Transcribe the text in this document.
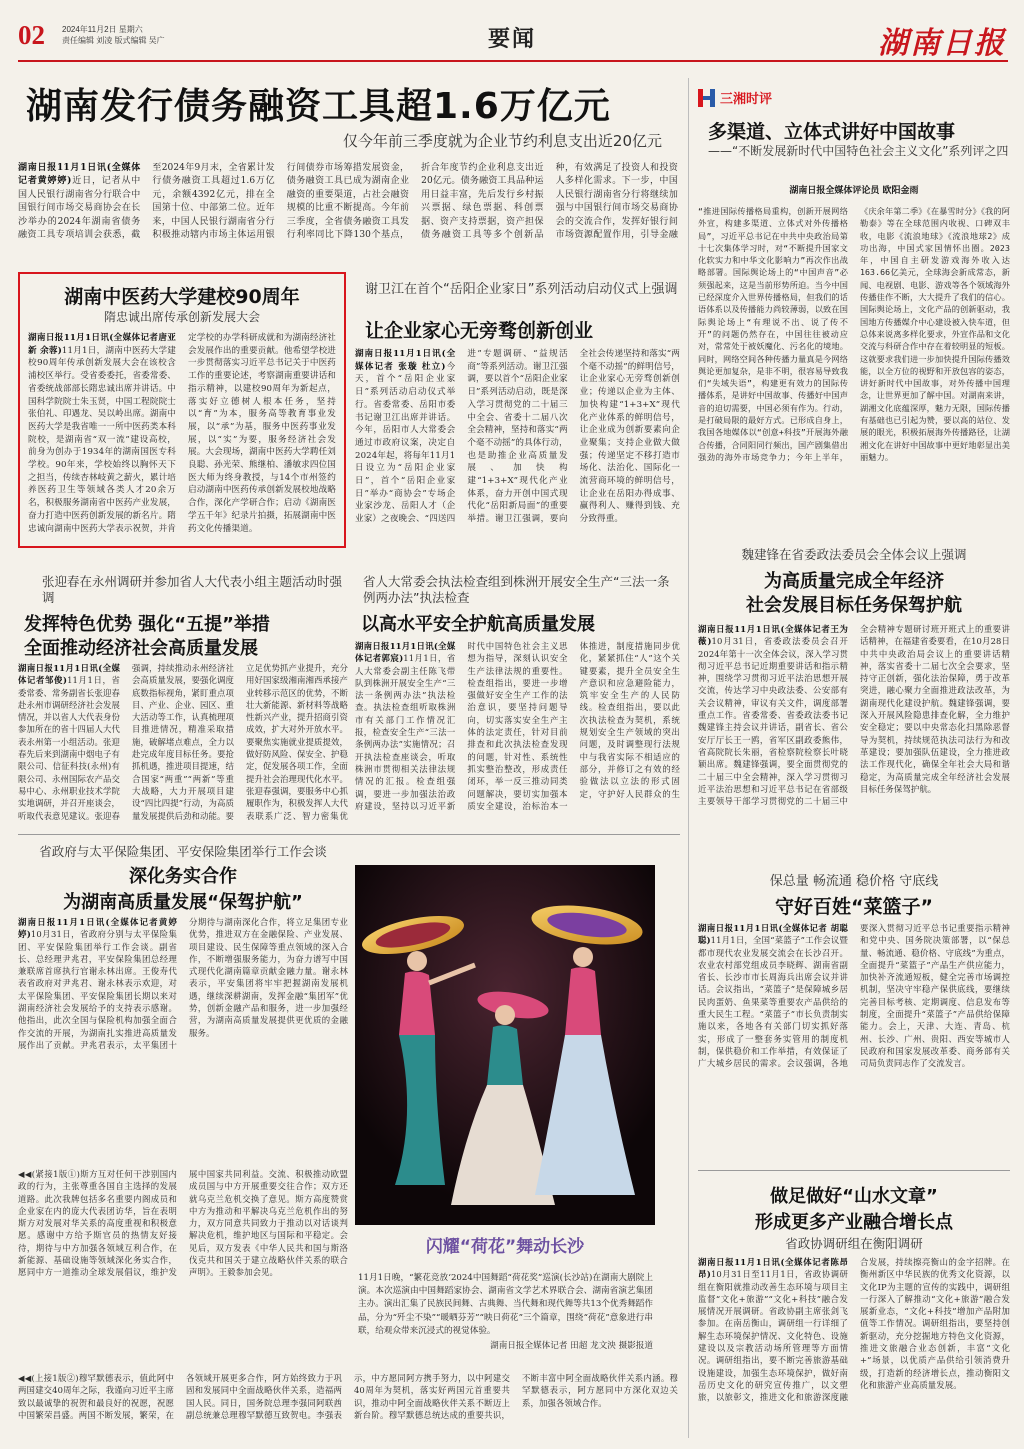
02 2024年11月2日 星期六
责任编辑 刘凌 版式编辑 吴广	要闻	湖南日报
湖南发行债务融资工具超1.6万亿元
仅今年前三季度就为企业节约利息支出近20亿元
湖南日报11月1日讯(全媒体记者黄婷婷)近日，记者从中国人民银行湖南省分行联合中国银行间市场交易商协会在长沙举办的2024年湖南省债务融资工具专项培训会获悉，截至2024年9月末，全省累计发行债务融资工具超过1.6万亿元，余额4392亿元，排在全国第十位、中部第二位。近年来，中国人民银行湖南省分行积极推动辖内市场主体运用银行间债券市场筹措发展资金，债务融资工具已成为湖南企业融资的重要渠道，占社会融资规模的比重不断提高。今年前三季度，全省债务融资工具发行利率同比下降130个基点，折合年度节约企业利息支出近20亿元。债务融资工具品种运用日益丰富，先后发行乡村振兴票据、绿色票据、科创票据、资产支持票据，资产担保债务融资工具等多个创新品种，有效满足了投资人和投资人多样化需求。下一步，中国人民银行湖南省分行将继续加强与中国银行间市场交易商协会的交流合作，发挥好银行间市场资源配置作用，引导金融
湖南中医药大学建校90周年
隋忠诚出席传承创新发展大会
湖南日报11月1日讯(全媒体记者唐亚新 余蓉)11月1日，湖南中医药大学建校90周年传承创新发展大会在该校含浦校区举行。受省委委托，省委常委、省委统战部部长隋忠诚出席并讲话。中国科学院院士朱玉贤，中国工程院院士张伯礼、印遇龙、吴以岭出席。湖南中医药大学是我省唯一一所中医药类本科院校，是湖南省“双一流”建设高校，前身为创办于1934年的湖南国医专科学校。90年来，学校始终以胸怀天下之担当，传续杏林岐黄之薪火，累计培养医药卫生等领域各类人才20余万名，积极服务湖南省中医药产业发展，奋力打造中医药创新发展的新名片。隋忠诚向湖南中医药大学表示祝贺，并肯定学校的办学科研成就和为湖南经济社会发展作出的重要贡献。他希望学校进一步贯彻落实习近平总书记关于中医药工作的重要论述，考察湖南重要讲话和指示精神，以建校90周年为新起点，落实好立德树人根本任务，坚持以“育”为本，服务高等教育事业发展，以“承”为基，服务中医药事业发展，以“实”为要，服务经济社会发展。大会现场，湖南中医药大学聘任刘良聪、孙光荣、熊继柏、潘敏求四位国医大师为终身教授，与14个市州签约启动湖南中医药传承创新发展校地战略合作，深化产学研合作；启动《湖南医学五千年》纪录片拍摄，拓展湖南中医药文化传播渠道。
谢卫江在首个“岳阳企业家日”系列活动启动仪式上强调
让企业家心无旁骛创新创业
湖南日报11月1日讯(全媒体记者 张璇 杜立)今天，首个“岳阳企业家日”系列活动启动仪式举行。省委常委、岳阳市委书记谢卫江出席并讲话。今年，岳阳市人大常委会通过市政府议案，决定自2024年起，将每年11月1日设立为“岳阳企业家日”，首个“岳阳企业家日”举办“商协会”专场企业家沙龙、岳阳人才（企业家）之夜晚会、“四送四进”专题调研、“益规活商”等系列活动。谢卫江强调，要以首个“岳阳企业家日”系列活动启动，既是深入学习贯彻党的二十届三中全会、省委十二届八次全会精神，坚持和落实“两个毫不动摇”的具体行动，也是助推企业高质量发展、加快构建“1+3+X”现代化产业体系，奋力开创中国式现代化“岳阳新局面”的重要举措。谢卫江强调，要向全社会传递坚持和落实“两个毫不动摇”的鲜明信号，让企业家心无旁骛创新创业；传递以企业为主体、加快构建“1+3+X”现代化产业体系的鲜明信号，让企业成为创新要素向企业聚集；支持企业做大做强；传递坚定不移打造市场化、法治化、国际化一流营商环境的鲜明信号，让企业在岳阳办得成事、赢得利人、赚得到钱、充分致得重。
三湘时评
多渠道、立体式讲好中国故事
——“不断发展新时代中国特色社会主义文化”系列评之四
湖南日报全媒体评论员 欧阳金雨
“推进国际传播格局重构，创新开展网络外宣，构建多渠道、立体式对外传播格局”，习近平总书记在中共中央政治局第十七次集体学习时，对“不断提升国家文化软实力和中华文化影响力”再次作出战略部署。国际舆论场上的“中国声音”必须强起来，这是当前形势所迫。当今中国已经深度介入世界传播格局，但我们的话语体系以及传播能力尚较薄弱，以致在国际舆论场上“有理说不出、说了传不开”的问题仍然存在，中国往往被动应对，常常处于被妖魔化、污名化的境地。同时，网络空间各种传播力量真是今网络舆论更加复杂，是非不明，很容易导致我们“失域失语”，构建更有效力的国际传播体系，是讲好中国故事、传播好中国声音的迫切需要，中国必须有作为。行动，是打破局限的最好方式。已形成自身上，我国各地媒体以“创意+科技”开展海外融合传播，合同阳同行频出，国产剧集借出强劲的海外市场竞争力；今年上半年，《庆余年第二季》《在暴雪时分》《我的阿勒泰》等在全球范围内收视、口碑双丰收，电影《流浪地球》《流浪地球2》成功出海，中国式家国情怀出圈。2023年，中国自主研发游戏海外收入达163.66亿美元，全球海会新成常态，新闻、电视剧、电影、游戏等各个领域海外传播佳作不断，大大提升了我们的信心。国际舆论场上，文化产品的创新驱动，我国地方传播媒介中心建设被入快车道，但总体来说离多样化要求，外宣作品和文化交流与科研合作中存在着较明显的短板。这就要求我们进一步加快提升国际传播效能，以全方位的视野和开放包容的姿态，讲好新时代中国故事，对外传播中国理念，让世界更加了解中国。对湖南来讲，湖湘文化底蕴深厚，魅力无限，国际传播有基础也已引起为赞，要以高的站位、发展的眼光，积极拓展海外传播路径，让湖湘文化在讲好中国故事中更好地彰显出美丽魅力。
张迎春在永州调研并参加省人大代表小组主题活动时强调
发挥特色优势 强化“五提”举措
全面推动经济社会高质量发展
湖南日报11月1日讯(全媒体记者邹俊)11月1日，省委常委、常务副省长张迎春赴永州市调研经济社会发展情况，并以省人大代表身份参加所在的省十四届人大代表永州第一小组活动。张迎春先后来到湖南中烟电子有限公司、信征科技(永州)有限公司、永州国际农产品交易中心、永州职业技术学院实地调研，并召开座谈会，听取代表意见建议。张迎春强调，持续推动永州经济社会高质量发展，要强化调度底数指标视角，紧盯重点项目、产业、企业、园区、重大活动等工作，认真梳理项目推进情况，精准采取措施，破解堵点难点，全力以赴完成年度目标任务。要抢抓机遇，推进项目提速，结合国家“两重”“两新”等重大战略，大力开展项目建设“四比四提”行动，为高质量发展提供后劲和动能。要立足优势抓产业提升，充分用好国家级湘南湘西承接产业转移示范区的优势，不断壮大新能源、新材料等战略性新兴产业，提升招商引资成效，扩大对外开放水平。要聚焦实施就业提质提效，做好防风险、保安全、护稳定，促发展各项工作，全面提升社会治理现代化水平。张迎春强调，要服务中心抓履职作为，积极发挥人大代表联系广泛、智力密集优
省人大常委会执法检查组到株洲开展安全生产“三法一条例两办法”执法检查
以高水平安全护航高质量发展
湖南日报11月1日讯(全媒体记者郭宸)11月1日，省人大常委会副主任陈飞带队到株洲开展安全生产“三法一条例两办法”执法检查。执法检查组听取株洲市有关部门工作情况汇报，检查安全生产“三法一条例两办法”实施情况；召开执法检查座谈会，听取株洲市贯彻相关法律法规情况的汇报。检查组强调，要进一步加强法治政府建设，坚持以习近平新时代中国特色社会主义思想为指导，深刻认识安全生产法律法规的重要性。检查组指出，要进一步增强做好安全生产工作的法治意识，要坚持问题导向，切实落实安全生产主体的法定责任，针对目前排查和此次执法检查发现的问题，针对性、系统性抓实整治整改，形成责任闭环，举一反三推动同类问题解决，要切实加强本质安全建设，治标治本一体推进，制度措施同步优化，紧紧抓住“人”这个关键要素，提升全员安全生产意识和应急避险能力，筑牢安全生产的人民防线。检查组指出，要以此次执法检查为契机，系统规划安全生产领域的突出问题，及时调整现行法规中与我省实际不相适应的部分，并修订之有效的经验做法以立法的形式固定，守护好人民群众的生
魏建锋在省委政法委员会全体会议上强调
为高质量完成全年经济
社会发展目标任务保驾护航
湖南日报11月1日讯(全媒体记者王为薇)10月31日，省委政法委员会召开2024年第十一次全体会议，深入学习贯彻习近平总书记近期重要讲话和指示精神，围绕学习贯彻习近平法治思想开展交流，传达学习中央政法委、公安部有关会议精神，审议有关文件，调度部署重点工作。省委常委、省委政法委书记魏建锋主持会议并讲话，副省长、省公安厅厅长王一鸥，省军区副政委熊伟，省高院院长朱丽，省检察院检察长叶晓颖出席。魏建锋强调，要全面贯彻党的二十届三中全会精神，深入学习贯彻习近平法治思想和习近平总书记在省部级主要领导干部学习贯彻党的二十届三中全会精神专题研讨班开班式上的重要讲话精神，在福建省委要看，在10月28日中共中央政治局会议上的重要讲话精神，落实省委十二届七次全会要求，坚持守正创新，强化法治保障，勇于改革突进，融心聚力全面推进政法改革，为湖南现代化建设护航。魏建锋强调，要深入开展风险隐患排查化解，全力维护安全稳定；要以中央常态化扫黑除恶督导为契机，持续规范执法司法行为和改革建设；要加强队伍建设，全力推进政法工作现代化，确保全年社会大局和谐稳定，为高质量完成全年经济社会发展目标任务保驾护航。
省政府与太平保险集团、平安保险集团举行工作会谈
深化务实合作
为湖南高质量发展“保驾护航”
湖南日报11月1日讯(全媒体记者黄婷婷)10月31日，省政府分别与太平保险集团、平安保险集团举行工作会谈。副省长、总经理尹兆君，平安保险集团总经理兼联席首席执行官谢永林出席。王俊寿代表省政府对尹兆君、谢永林表示欢迎，对太平保险集团、平安保险集团长期以来对湖南经济社会发展给予的支持表示感谢。他指出，此次全国与保险机构加强全面合作交流的开展，为湖南扎实推进高质量发展作出了贡献。尹兆君表示，太平集团十分期待与湖南深化合作，将立足集团专业优势，推进双方在金融保险、产业发展、项目建设、民生保障等重点领域的深入合作，不断增强服务能力，为奋力谱写中国式现代化湖南篇章贡献金融力量。谢永林表示，平安集团将牢牢把握湖南发展机遇，继续深耕湖南，发挥金融“集团军”优势，创新金融产品和服务，进一步加强经营，为湖南高质量发展提供更优质的金融服务。
◀◀(紧接1版①)斯方互对任何干涉别国内政的行为，主张尊重各国自主选择的发展道路。此次我牌包括多名重要内阁成员和企业家在内的庞大代表团访华，旨在表明斯方对发展对华关系的高度重视和积极意愿。感谢中方给予斯官员的热情友好接待，期待与中方加强各领域互利合作，在新能源、基础设施等领域深化务实合作，愿同中方一道推动全球发展倡议，维护发展中国家共同利益。交流、积极推动欧盟成员国与中方开展重要交往合作；双方还就乌克兰危机交换了意见。斯方高度赞赏中方为推动和平解决乌克兰危机作出的努力，双方同意共同致力于推动以对话谈判解决危机，维护地区与国际和平稳定。会见后，双方发表《中华人民共和国与斯洛伐克共和国关于建立战略伙伴关系的联合声明》。王毅参加会见。
闪耀“荷花”舞动长沙
11月1日晚，“繁花竞放‘2024中国舞蹈“荷花奖”巡演(长沙站)在湖南大剧院上演。本次巡演由中国舞蹈家协会、湖南省文学艺术界联合会、湖南省演艺集团主办。演出汇集了民族民间舞、古典舞、当代舞和现代舞等共13个优秀舞蹈作品，分为“歼尘不染”“暖晒芬芳”“映日荷花”三个篇章，围绕“荷花”意象进行串联，给观众带来沉浸式的视觉体验。
湖南日报全媒体记者 田超 龙文泱 摄影报道
◀◀(上接1版②)穆罕默德表示，值此阿中两国建交40周年之际，我谨向习近平主席致以最诚挚的祝贺和最良好的祝愿，祝愿中国繁荣昌盛。两国不断发展，繁荣，在各领域开展更多合作，阿方始终致力于巩固和发展同中全面战略伙伴关系，造福两国人民。同日，国务院总理李强同阿联酋副总统兼总理穆罕默德互致贺电。李强表示，中方愿同阿方携手努力，以中阿建交40周年为契机，落实好两国元首重要共识，推动中阿全面战略伙伴关系不断迈上新台阶。穆罕默德总统达成的重要共识，不断丰富中阿全面战略伙伴关系内涵。穆罕默德表示，阿方愿同中方深化双边关系，加强各领域合作。
保总量 畅流通 稳价格 守底线
守好百姓“菜篮子”
湖南日报11月1日讯(全媒体记者 胡聪聪)11月1日，全国“菜篮子”工作会议暨都市现代农业发展交流会在长沙召开。农业农村部党组成员李晓辉、湖南省副省长、长沙市市长周海兵出席会议并讲话。会议指出，“菜篮子”是保障城乡居民肉蛋奶、鱼果菜等重要农产品供给的重大民生工程。“菜篮子”市长负责制实施以来，各地各有关部门切实抓好落实，形成了一整套务实管用的制度机制，保供稳价和工作举措，有效保证了广大城乡居民的需求。会议强调，各地要深入贯彻习近平总书记重要指示精神和党中央、国务院决策部署，以“保总量、畅流通、稳价格、守底线”为重点，全面提升“菜篮子”产品生产供应能力，加快补齐流通短板，健全完善市场调控机制，坚决守牢稳产保供底线，要继续完善目标考核、定期调度、信息发布等制度，全面提升“菜篮子”产品供给保障能力。会上，天津、大连、青岛、杭州、长沙、广州、贵阳、西安等城市人民政府和国家发展改革委、商务部有关司局负责同志作了交流发言。
做足做好“山水文章”
形成更多产业融合增长点
省政协调研组在衡阳调研
湖南日报11月1日讯(全媒体记者陈昂昂)10月31日至11月1日，省政协调研组在衡阳就推动改善生态环境与项目主监督“文化+旅游”“文化+科技”融合发展情况开展调研。省政协副主席张剑飞参加。在南岳衡山，调研组一行详细了解生态环境保护情况、文化特色、设施建设以及宗教活动场所管理等方面情况。调研组指出，要不断完善旅游基础设施建设，加强生态环境保护，做好南岳历史文化的研究宣传推广，以文塑旅，以旅彰文，推进文化和旅游深度融合发展，持续擦亮衡山的金字招牌。在衡州新区中华民族的优秀文化资源，以文化IP为主题的宣传的实践中，调研组一行深入了解推动“文化+旅游”融合发展新业态，“文化+科技”增加产品附加值等工作情况。调研组指出，要坚持创新驱动，充分挖掘地方特色文化资源，推进文旅融合业态创新，丰富“文化+”场景，以优质产品供给引领消费升级，打造新的经济增长点，推动衡阳文化和旅游产业高质量发展。
